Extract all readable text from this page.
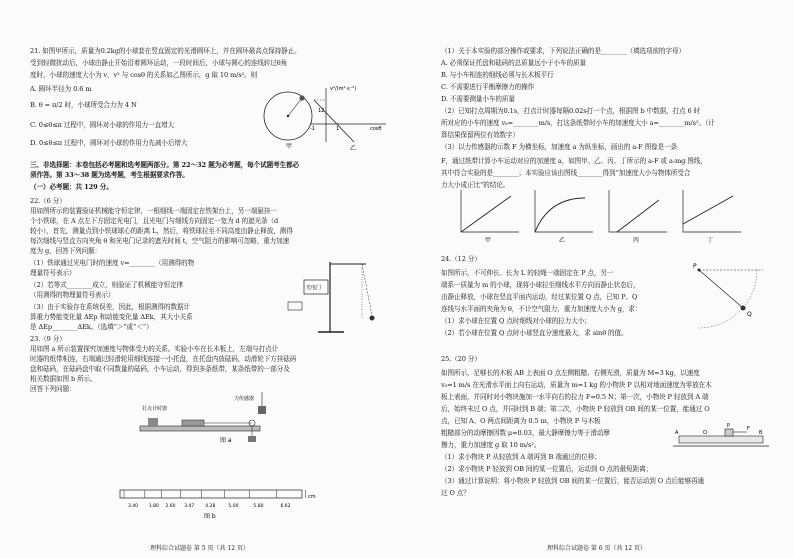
21. 如图甲所示，质量为0.2kg的小球套在竖直固定的光滑圆环上，并在圆环最高点保持静止。
受到轻微扰动后，小球由静止开始沿着圆环运动，一段时间后，小球与圆心的连线转过θ角
度时，小球的速度大小为 v，v² 与 cosθ 的关系如乙图所示，g 取 10 m/s²。则
A. 圆环半径为 0.6 m
B. θ = π/2 时，小球所受合力为 4 N
C. 0≤θ≤π 过程中，圆环对小球的作用力一直增大
D. 0≤θ≤π 过程中，圆环对小球的作用力先减小后增大	甲
v²/(m²·s⁻²)
12
cosθ
1
-1
乙
三、非选择题：本卷包括必考题和选考题两部分。第 22～32 题为必考题，每个试题考生都必
须作答。第 33～38 题为选考题，考生根据要求作答。
（一）必考题：共 129 分。
22.（6 分）
用如图所示的装置验证机械能守恒定律，一根细线一端固定在铁架台上，另一端悬挂一
个小铁球，在 A 点左下方固定光电门，且光电门与细线方向固定一宽为 d 的遮光条（d
较小），首先，测量点到小铁球球心的距离 L，然后，将铁球拉至不同高度由静止释放，测得
每次细线与竖直方向夹角 θ 和光电门记录的遮光时间 t，空气阻力的影响可忽略，重力加速
度为 g，回答下列问题：
（1）铁球通过光电门时的速度 v=________（用测得的物
理量符号表示）
（2）若等式________成立，则验证了机械能守恒定律
（用测得的物理量符号表示）
（3）由于实验存在系统误差，因此，根据测得的数据计
算重力势能变化量 ΔEp 和动能变化量 ΔEk，其大小关系
是 ΔEp________ΔEk。（选填“＞”或“＜”）
光电门
23.（9 分）
用如图 a 所示装置探究加速度与物体受力的关系。实验小车在长木板上，左端与打点计
时器的纸带相连，右端通过轻滑轮用细线连接一小托盘，在托盘内放砝码，动滑轮下方挂砝码
盘和砝码，在砝码盘中取不同数量的砝码，小车运动，得到多条纸带，某条纸带的一部分及
相关数据如图 b 所示。
回答下列问题：
打点计时器
力传感器
图 a
cm
图 b
3.40 1.80 2.60 3.47 4.28	5.00	5.80	6.62
理科综合试题卷 第 5 页（共 12 页）
（1）关于本实验的部分操作或要求，下列说法正确的是________（填选项前的字母）
A. 必须保证托盘和砝码的总质量远小于小车的质量
B. 与小车相连的细线必须与长木板平行
C. 不需要进行平衡摩擦力的操作
D. 不需要测量小车的质量
（2）已知打点周期为0.1s，打点计时器每隔0.02s打一个点，根据图 b 中数据，打点 6 时
所对应的小车的速度 v₆=________m/s，打这条纸带时小车的加速度大小 a=________m/s²。（计
算结果保留两位有效数字）
（3）以力传感器的示数 F 为横坐标，加速度 a 为纵坐标，画出的 a-F 图像是一条
F，通过纸带计算小车运动对应的加速度 a，如图甲、乙、丙、丁所示的 a-F 或 a-mg 图线，
其中符合实验的是________；本实验应该由图线________得到“加速度大小与物体所受合
力大小成正比”的结论。
甲	乙	丙	丁
24.（12 分）
如图所示，不可伸长、长为 L 的轻绳一端固定在 P 点，另一
端系一质量为 m 的小球，现将小球拉至细线水平方向而静止状态后，
由静止释放，小球在竖直平面内运动，经过某位置 Q 点，已知 P、Q
连线与水平面的夹角为 θ，不计空气阻力，重力加速度大小为 g，求：
（1）求小球在位置 Q 点时细线对小球的拉力大小；
（2）若小球在位置 Q 点时小球竖直分速度最大，求 sinθ 的值。
P
Q
25.（20 分）
如图所示，足够长的木板 AB 上表面 O 点左侧粗糙、右侧光滑，质量为 M=3 kg，以速度
v₀=1 m/s 在光滑水平面上向右运动，质量为 m=1 kg 的小物块 P 以相对地面速度为零放在木
板上表面，并同时对小物块施加一水平向右的拉力 F=0.5 N；第一次，小物块 P 轻放到 A 端
后，始终未过 O 点，并同时到 B 端；第二次，小物块 P 轻放到 OB 间的某一位置，能通过 O
点，已知 A、O 两点间距离为 0.5 m，小物块 P 与木板
粗糙部分的动摩擦因数 μ=0.03，最大静摩擦力等于滑动摩
擦力，重力加速度 g 取 10 m/s²。
（1）求小物块 P 从轻放到 A 端再到 B 端通过的位移；
（2）求小物块 P 轻放到 OB 间的某一位置后，运动到 O 点的最短距离；
（3）通过计算说明：将小物块 P 轻放到 OB 间的某一位置后，能否运动到 O 点后能够再通
过 O 点？
A	O
P
B
F
理科综合试题卷 第 6 页（共 12 页）
